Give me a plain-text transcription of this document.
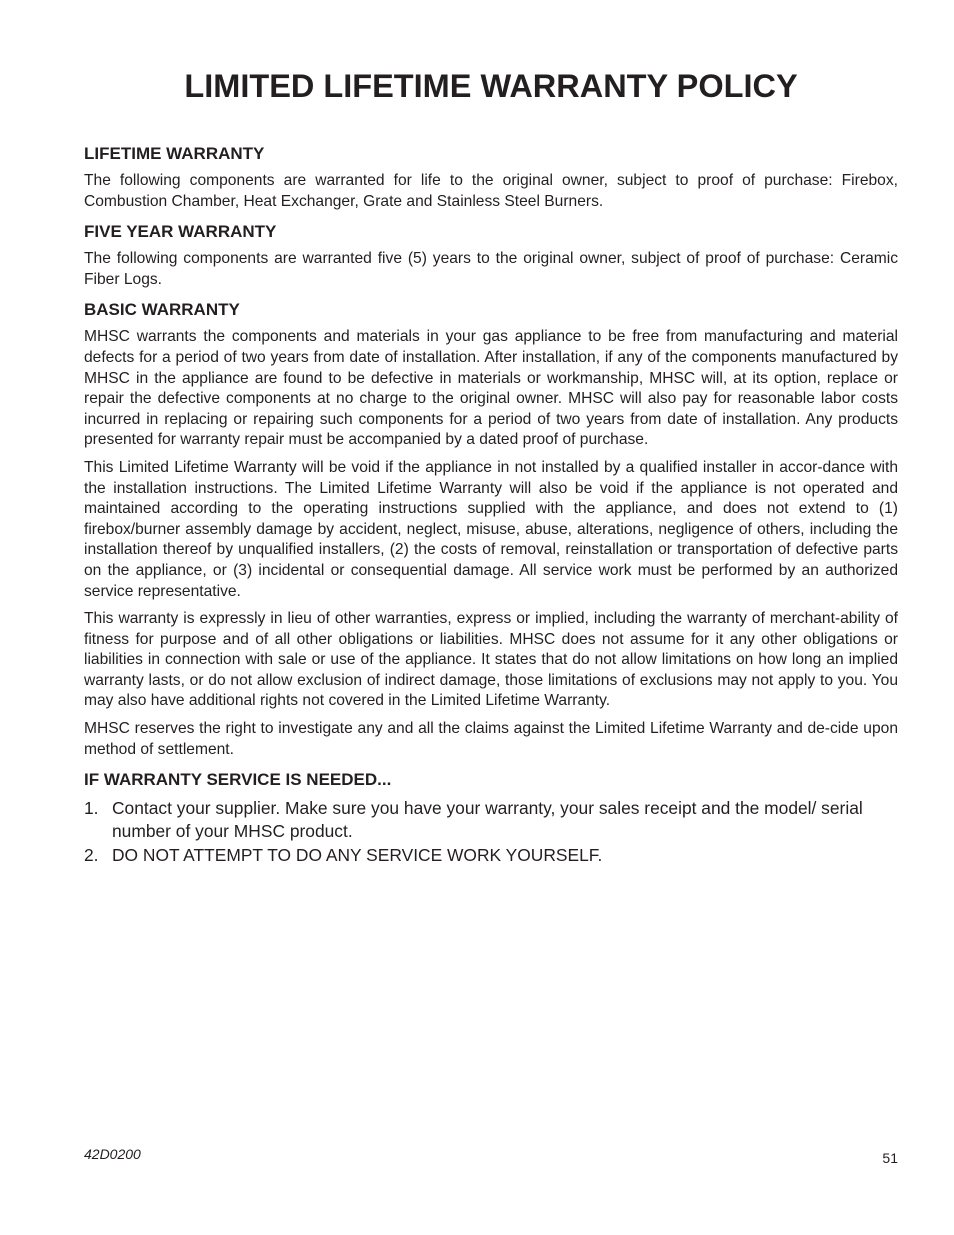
LIMITED LIFETIME WARRANTY POLICY
LIFETIME WARRANTY

The following components are warranted for life to the original owner, subject to proof of purchase: Firebox, Combustion Chamber, Heat Exchanger, Grate and Stainless Steel Burners.

FIVE YEAR WARRANTY

The following components are warranted five (5) years to the original owner, subject of proof of purchase: Ceramic Fiber Logs.

BASIC WARRANTY

MHSC warrants the components and materials in your gas appliance to be free from manufacturing and material defects for a period of two years from date of installation. After installation, if any of the components manufactured by MHSC in the appliance are found to be defective in materials or workmanship, MHSC will, at its option, replace or repair the defective components at no charge to the original owner. MHSC will also pay for reasonable labor costs incurred in replacing or repairing such components for a period of two years from date of installation. Any products presented for warranty repair must be accompanied by a dated proof of purchase.

This Limited Lifetime Warranty will be void if the appliance in not installed by a qualified installer in accor-dance with the installation instructions. The Limited Lifetime Warranty will also be void if the appliance is not operated and maintained according to the operating instructions supplied with the appliance, and does not extend to (1) firebox/burner assembly damage by accident, neglect, misuse, abuse, alterations, negligence of others, including the installation thereof by unqualified installers, (2) the costs of removal, reinstallation or transportation of defective parts on the appliance, or (3) incidental or consequential damage. All service work must be performed by an authorized service representative.

This warranty is expressly in lieu of other warranties, express or implied, including the warranty of merchant-ability of fitness for purpose and of all other obligations or liabilities. MHSC does not assume for it any other obligations or liabilities in connection with sale or use of the appliance. It states that do not allow limitations on how long an implied warranty lasts, or do not allow exclusion of indirect damage, those limitations of exclusions may not apply to you. You may also have additional rights not covered in the Limited Lifetime Warranty.

MHSC reserves the right to investigate any and all the claims against the Limited Lifetime Warranty and de-cide upon method of settlement.

IF WARRANTY SERVICE IS NEEDED...
1. Contact your supplier. Make sure you have your warranty, your sales receipt and the model/ serial number of your MHSC product.
2. DO NOT ATTEMPT TO DO ANY SERVICE WORK YOURSELF.
42D0200	51
